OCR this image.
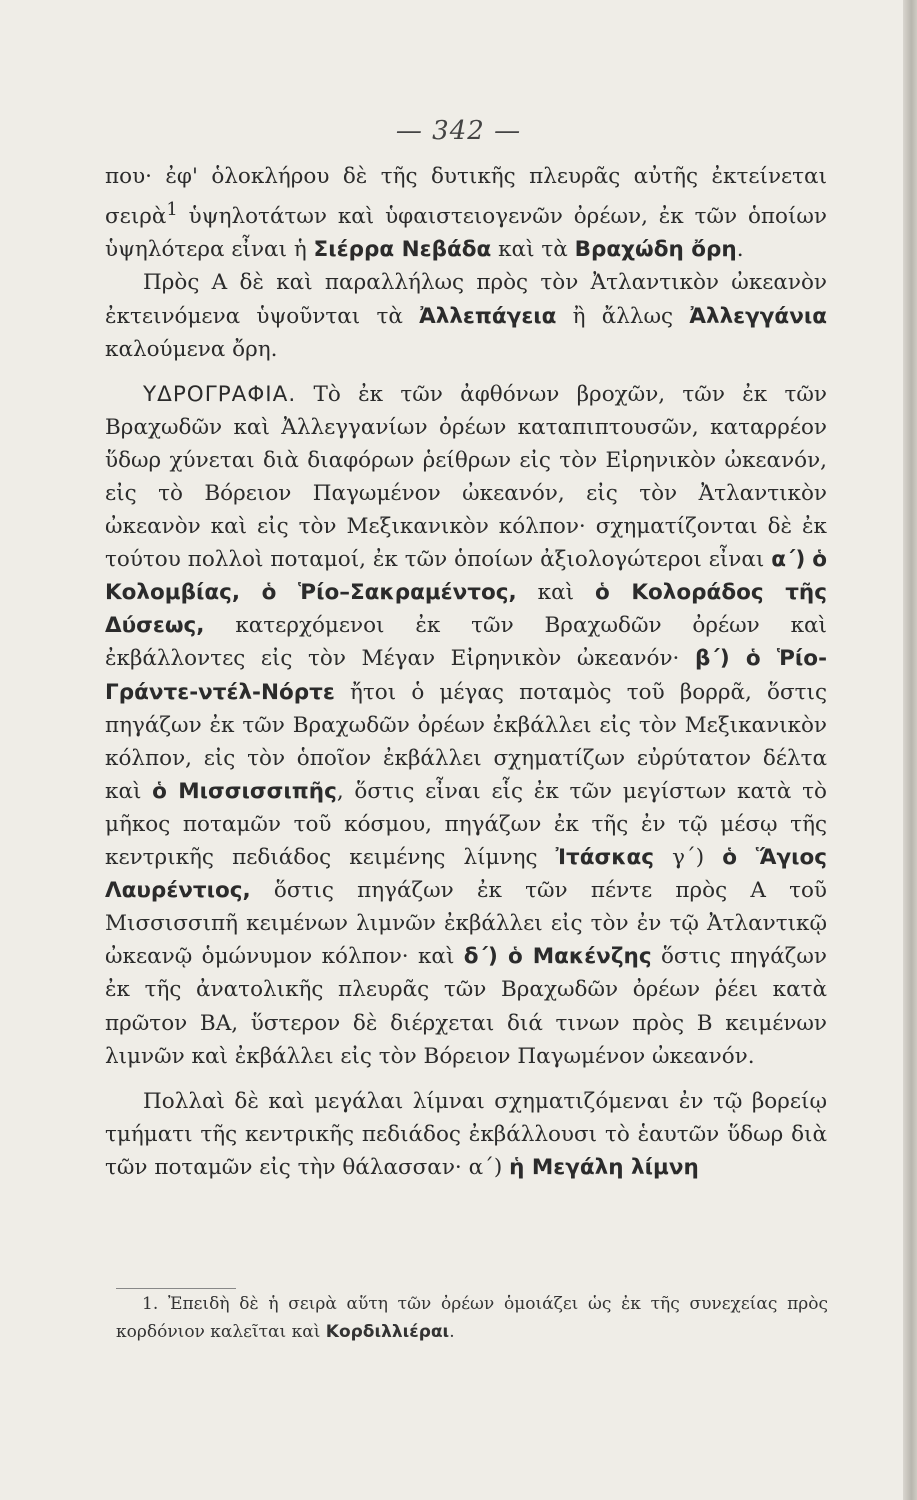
— 342 —

που· ἐφ' ὁλοκλήρου δὲ τῆς δυτικῆς πλευρᾶς αὐτῆς ἐκτείνεται σειρὰ$^1$ ὑψηλοτάτων καὶ ὑφαιστειογενῶν ὀρέων, ἐκ τῶν ὁποίων ὑψηλότερα εἶναι ἡ Σιέρρα Νεβάδα καὶ τὰ Βραχώδη ὄρη.

Πρὸς Α δὲ καὶ παραλλήλως πρὸς τὸν Ἀτλαντικὸν ὠκεανὸν ἐκτεινόμενα ὑψοῦνται τὰ Ἀλλεπάγεια ἢ ἄλλως Ἀλλεγγάνια καλούμενα ὄρη.

ΥΔΡΟΓΡΑΦΙΑ. Τὸ ἐκ τῶν ἀφθόνων βροχῶν, τῶν ἐκ τῶν Βραχωδῶν καὶ Ἀλλεγγανίων ὀρέων καταπιπτουσῶν, καταρρέον ὕδωρ χύνεται διὰ διαφόρων ῥείθρων εἰς τὸν Εἰρηνικὸν ὠκεανόν, εἰς τὸ Βόρειον Παγωμένον ὠκεανόν, εἰς τὸν Ἀτλαντικὸν ὠκεανὸν καὶ εἰς τὸν Μεξικανικὸν κόλπον· σχηματίζονται δὲ ἐκ τούτου πολλοὶ ποταμοί, ἐκ τῶν ὁποίων ἀξιολογώτεροι εἶναι α΄) ὁ Κολομβίας, ὁ Ῥίο–Σακραμέντος, καὶ ὁ Κολοράδος τῆς Δύσεως, κατερχόμενοι ἐκ τῶν Βραχωδῶν ὀρέων καὶ ἐκβάλλοντες εἰς τὸν Μέγαν Εἰρηνικὸν ὠκεανόν· β΄) ὁ Ῥίο-Γράντε-ντέλ-Νόρτε ἤτοι ὁ μέγας ποταμὸς τοῦ βορρᾶ, ὅστις πηγάζων ἐκ τῶν Βραχωδῶν ὀρέων ἐκβάλλει εἰς τὸν Μεξικανικὸν κόλπον, εἰς τὸν ὁποῖον ἐκβάλλει σχηματίζων εὐρύτατον δέλτα καὶ ὁ Μισσισσιπῆς, ὅστις εἶναι εἷς ἐκ τῶν μεγίστων κατὰ τὸ μῆκος ποταμῶν τοῦ κόσμου, πηγάζων ἐκ τῆς ἐν τῷ μέσῳ τῆς κεντρικῆς πεδιάδος κειμένης λίμνης Ἰτάσκας γ΄) ὁ Ἅγιος Λαυρέντιος, ὅστις πηγάζων ἐκ τῶν πέντε πρὸς Α τοῦ Μισσισσιπῆ κειμένων λιμνῶν ἐκβάλλει εἰς τὸν ἐν τῷ Ἀτλαντικῷ ὠκεανῷ ὁμώνυμον κόλπον· καὶ δ΄) ὁ Μακένζης ὅστις πηγάζων ἐκ τῆς ἀνατολικῆς πλευρᾶς τῶν Βραχωδῶν ὀρέων ῥέει κατὰ πρῶτον ΒΑ, ὕστερον δὲ διέρχεται διά τινων πρὸς Β κειμένων λιμνῶν καὶ ἐκβάλλει εἰς τὸν Βόρειον Παγωμένον ὠκεανόν.

Πολλαὶ δὲ καὶ μεγάλαι λίμναι σχηματιζόμεναι ἐν τῷ βορείῳ τμήματι τῆς κεντρικῆς πεδιάδος ἐκβάλλουσι τὸ ἑαυτῶν ὕδωρ διὰ τῶν ποταμῶν εἰς τὴν θάλασσαν· α΄) ἡ Μεγάλη λίμνη

1. Ἐπειδὴ δὲ ἡ σειρὰ αὕτη τῶν ὀρέων ὁμοιάζει ὡς ἐκ τῆς συνεχείας πρὸς κορδόνιον καλεῖται καὶ Κορδιλλιέραι.
